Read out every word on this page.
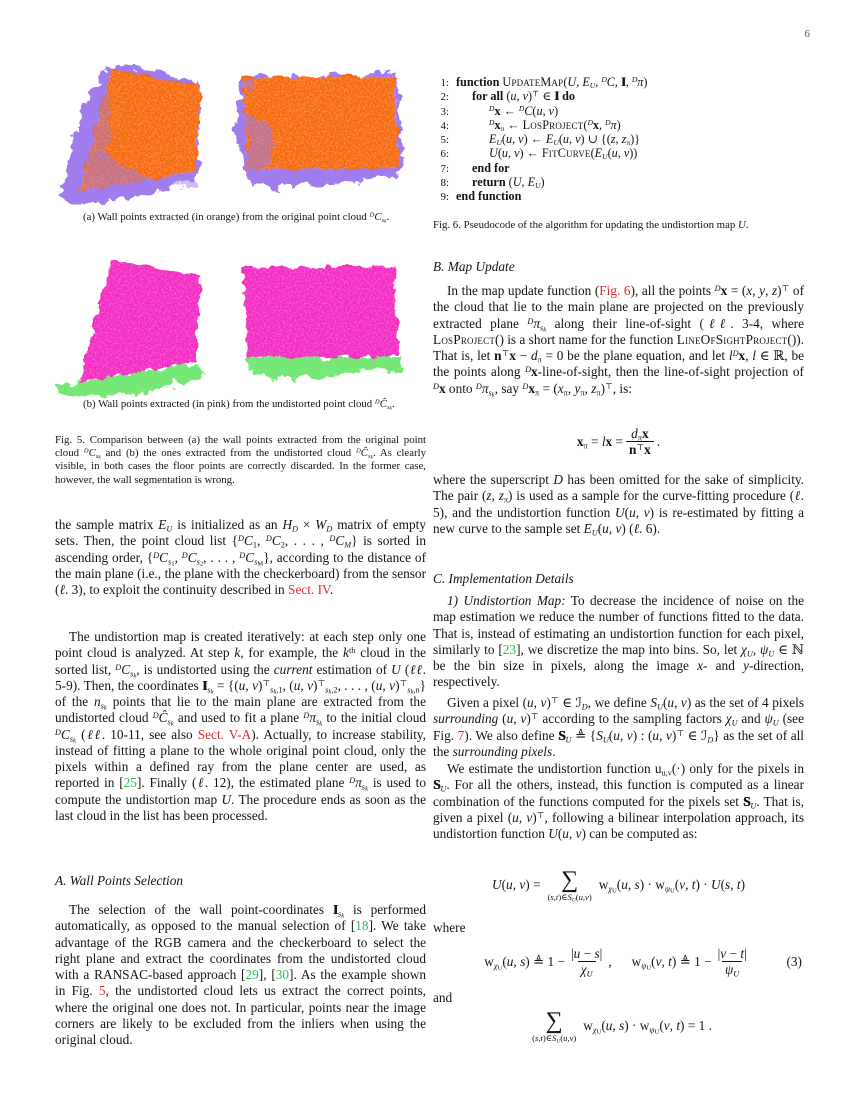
6
(a) Wall points extracted (in orange) from the original point cloud $^DCs_k$.
(b) Wall points extracted (in pink) from the undistorted point cloud $^DĈs_k$.
Fig. 5. Comparison between (a) the wall points extracted from the original point cloud $^DCs_k$ and (b) the ones extracted from the undistorted cloud $^DĈs_k$. As clearly visible, in both cases the floor points are correctly discarded. In the former case, however, the wall segmentation is wrong.
the sample matrix EU is initialized as an HD × WD matrix of empty sets. Then, the point cloud list {$^D$C1, $^D$C2, . . . , $^D$CM} is sorted in ascending order, {$^DCs_1$, $^DCs_2$, . . . , $^DCs_M$}, according to the distance of the main plane (i.e., the plane with the checkerboard) from the sensor (ℓ. 3), to exploit the continuity described in Sect. IV.
The undistortion map is created iteratively: at each step only one point cloud is analyzed. At step k, for example, the $k^{th}$ cloud in the sorted list, $^DCs_k$, is undistorted using the current estimation of U (ℓℓ. 5-9). Then, the coordinates $Is_k = \{(u$, $v)^⊤s_k,1$, (u, $v)^⊤s_k,2$, . . . , (u, $v)^⊤s_k,n$} of the $ns_k$ points that lie to the main plane are extracted from the undistorted cloud $^DĈs_k$ and used to fit a plane $^D\pi s_k$ to the initial cloud $^DCs_k$ (ℓℓ. 10-11, see also Sect. V-A). Actually, to increase stability, instead of fitting a plane to the whole original point cloud, only the pixels within a defined ray from the plane center are used, as reported in [25]. Finally (ℓ. 12), the estimated plane $^D\pi s_k$ is used to compute the undistortion map U. The procedure ends as soon as the last cloud in the list has been processed.
A. Wall Points Selection
The selection of the wall point-coordinates $Is_k$ is performed automatically, as opposed to the manual selection of [18]. We take advantage of the RGB camera and the checkerboard to select the right plane and extract the coordinates from the undistorted cloud with a RANSAC-based approach [29], [30]. As the example shown in Fig. 5, the undistorted cloud lets us extract the correct points, where the original one does not. In particular, points near the image corners are likely to be excluded from the inliers when using the original cloud.
1: function UpdateMap(U, EU, $^D$C, I, $^D$π)
2:	for all (u, v)⊤ ∈ I do
3:	$^D$x ← $^D$C(u, v)
4:	$^D$xπ ← LosProject($^D$x, $^D$π)
5:	EU(u, v) ← EU(u, v) ∪ {(z, zπ)}
6:	U(u, v) ← FitCurve(EU(u, v))
7:	end for
8:	return (U, EU)
9: end function
Fig. 6. Pseudocode of the algorithm for updating the undistortion map U.
B. Map Update
In the map update function (Fig. 6), all the points $^D$x = (x, y, z)⊤ of the cloud that lie to the main plane are projected on the previously extracted plane $^D\pi s_k$ along their line-of-sight (ℓℓ. 3-4, where LosProject() is a short name for the function LineOfSightProject()). That is, let n⊤x − dπ = 0 be the plane equation, and let $l^Dx$, l ∈ ℝ, be the points along $^D$x-line-of-sight, then the line-of-sight projection of $^D$x onto $^D\pi s_k$, say $^D$xπ = (xπ, yπ, zπ)⊤, is:
xπ = lx = $\frac{\text{dπx}}{n^⊤x}$ .
where the superscript D has been omitted for the sake of simplicity. The pair (z, zπ) is used as a sample for the curve-fitting procedure (ℓ. 5), and the undistortion function U(u, v) is re-estimated by fitting a new curve to the sample set EU(u, v) (ℓ. 6).
C. Implementation Details
1) Undistortion Map: To decrease the incidence of noise on the map estimation we reduce the number of functions fitted to the data. That is, instead of estimating an undistortion function for each pixel, similarly to [23], we discretize the map into bins. So, let χU, ψU ∈ ℕ be the bin size in pixels, along the image x- and y-direction, respectively.
Given a pixel (u, v)⊤ ∈ ℐD, we define SU(u, v) as the set of 4 pixels surrounding (u, v)⊤ according to the sampling factors χU and ψU (see Fig. 7). We also define SU ≜ {SU(u, v) : (u, v)⊤ ∈ ℐD} as the set of all the surrounding pixels.
We estimate the undistortion function uu,v(·) only for the pixels in SU. For all the others, instead, this function is computed as a linear combination of the functions computed for the pixels set SU. That is, given a pixel (u, v)⊤, following a bilinear interpolation approach, its undistortion function U(u, v) can be computed as:
U(u, v) = ∑
(s,t)∈SU(u,v)
$w\chi_U(u$, $s) \cdot w\psi_U(v$, t) · U(s, t)
where
$w\chi_U(u$, s) ≜ $1 - \frac{|u - s|}{\chi U}$ , $w\psi_U(v$, t) ≜ $1 - \frac{|v - t|}{\psi U}$	(3)
and
∑
(s,t)∈SU(u,v)
$w\chi_U(u$, $s) \cdot w\psi_U(v$, t) = 1 .
